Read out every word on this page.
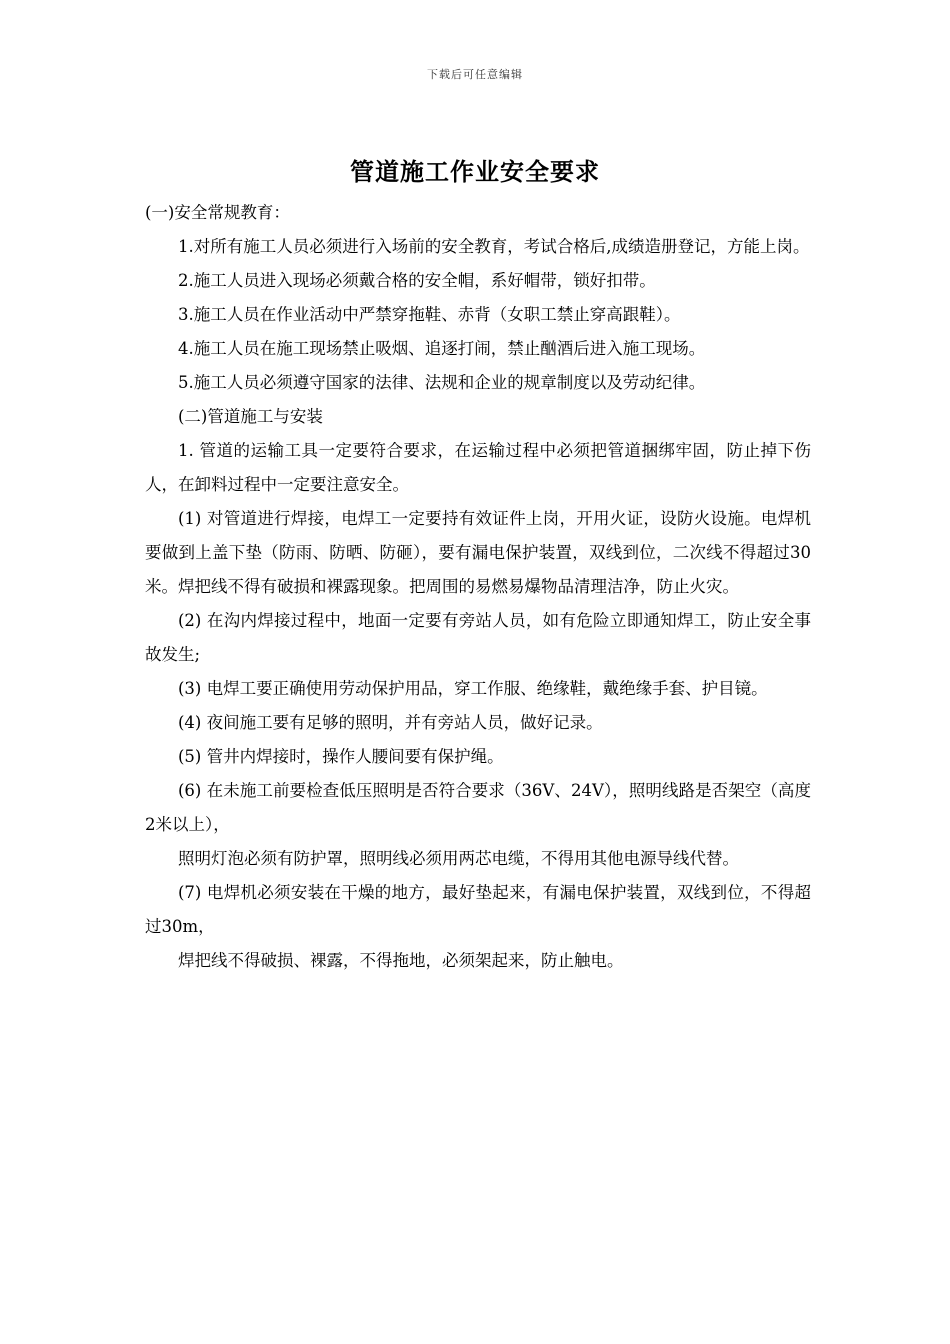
下载后可任意编辑
管道施工作业安全要求

(一)安全常规教育：

1.对所有施工人员必须进行入场前的安全教育，考试合格后,成绩造册登记，方能上岗。

2.施工人员进入现场必须戴合格的安全帽，系好帽带，锁好扣带。

3.施工人员在作业活动中严禁穿拖鞋、赤背（女职工禁止穿高跟鞋）。

4.施工人员在施工现场禁止吸烟、追逐打闹，禁止酗酒后进入施工现场。

5.施工人员必须遵守国家的法律、法规和企业的规章制度以及劳动纪律。

(二)管道施工与安装

1. 管道的运输工具一定要符合要求，在运输过程中必须把管道捆绑牢固，防止掉下伤人，在卸料过程中一定要注意安全。

(1) 对管道进行焊接，电焊工一定要持有效证件上岗，开用火证，设防火设施。电焊机要做到上盖下垫（防雨、防晒、防砸），要有漏电保护装置，双线到位，二次线不得超过30米。焊把线不得有破损和裸露现象。把周围的易燃易爆物品清理洁净，防止火灾。

(2) 在沟内焊接过程中，地面一定要有旁站人员，如有危险立即通知焊工，防止安全事故发生;

(3) 电焊工要正确使用劳动保护用品，穿工作服、绝缘鞋，戴绝缘手套、护目镜。

(4) 夜间施工要有足够的照明，并有旁站人员，做好记录。

(5) 管井内焊接时，操作人腰间要有保护绳。

(6) 在未施工前要检查低压照明是否符合要求（36V、24V），照明线路是否架空（高度2米以上），

照明灯泡必须有防护罩，照明线必须用两芯电缆，不得用其他电源导线代替。

(7) 电焊机必须安装在干燥的地方，最好垫起来，有漏电保护装置，双线到位，不得超过30m，

焊把线不得破损、裸露，不得拖地，必须架起来，防止触电。
